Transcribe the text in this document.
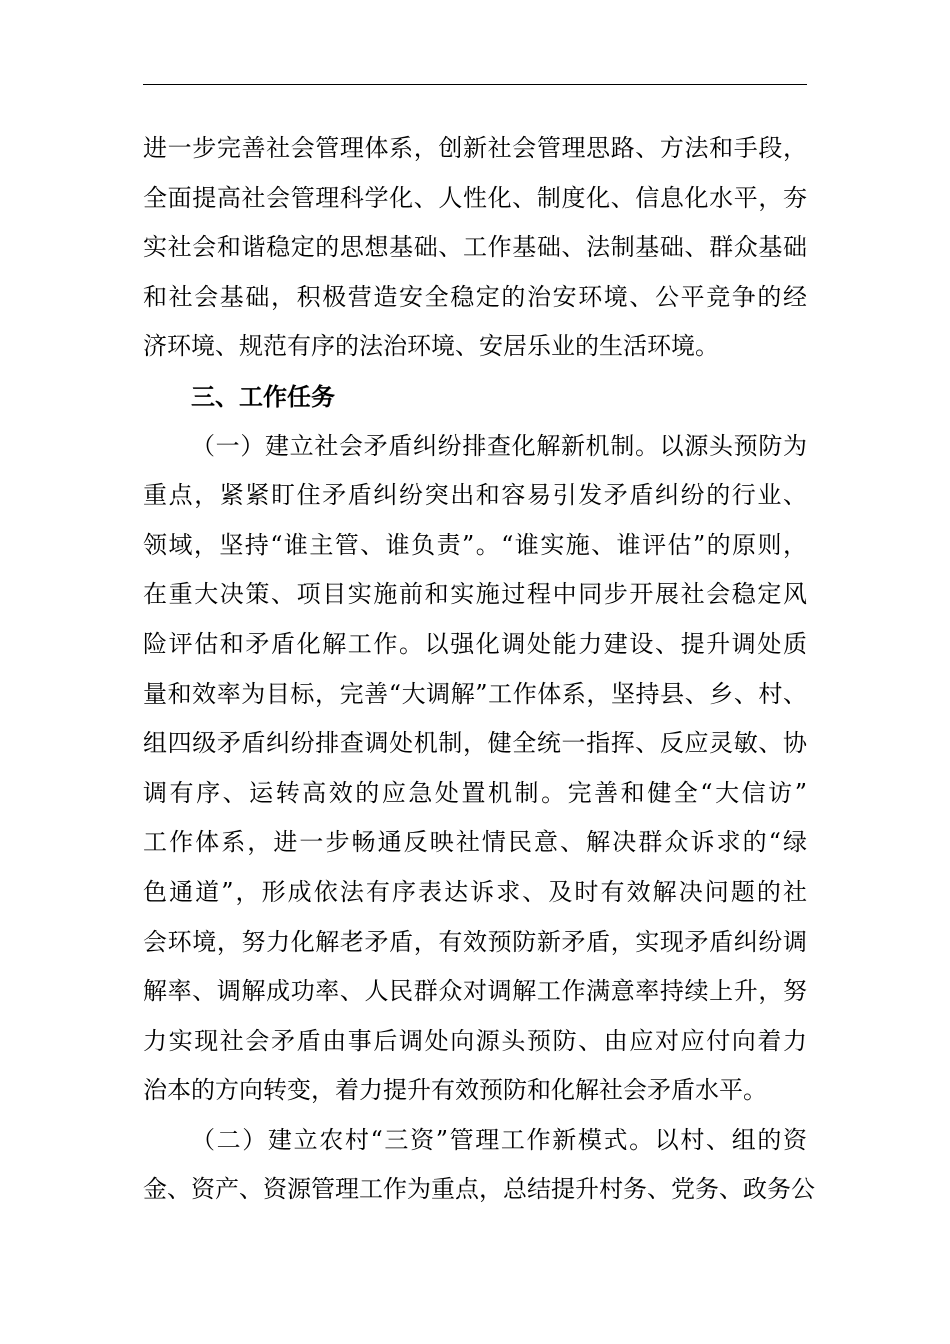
进一步完善社会管理体系，创新社会管理思路、方法和手段，
全面提高社会管理科学化、人性化、制度化、信息化水平，夯
实社会和谐稳定的思想基础、工作基础、法制基础、群众基础
和社会基础，积极营造安全稳定的治安环境、公平竞争的经
济环境、规范有序的法治环境、安居乐业的生活环境。
三、工作任务
（一）建立社会矛盾纠纷排查化解新机制。以源头预防为
重点，紧紧盯住矛盾纠纷突出和容易引发矛盾纠纷的行业、
领域，坚持“谁主管、谁负责”。“谁实施、谁评估”的原则，
在重大决策、项目实施前和实施过程中同步开展社会稳定风
险评估和矛盾化解工作。以强化调处能力建设、提升调处质
量和效率为目标，完善“大调解”工作体系，坚持县、乡、村、
组四级矛盾纠纷排查调处机制，健全统一指挥、反应灵敏、协
调有序、运转高效的应急处置机制。完善和健全“大信访”
工作体系，进一步畅通反映社情民意、解决群众诉求的“绿
色通道”，形成依法有序表达诉求、及时有效解决问题的社
会环境，努力化解老矛盾，有效预防新矛盾，实现矛盾纠纷调
解率、调解成功率、人民群众对调解工作满意率持续上升，努
力实现社会矛盾由事后调处向源头预防、由应对应付向着力
治本的方向转变，着力提升有效预防和化解社会矛盾水平。
（二）建立农村“三资”管理工作新模式。以村、组的资
金、资产、资源管理工作为重点，总结提升村务、党务、政务公
